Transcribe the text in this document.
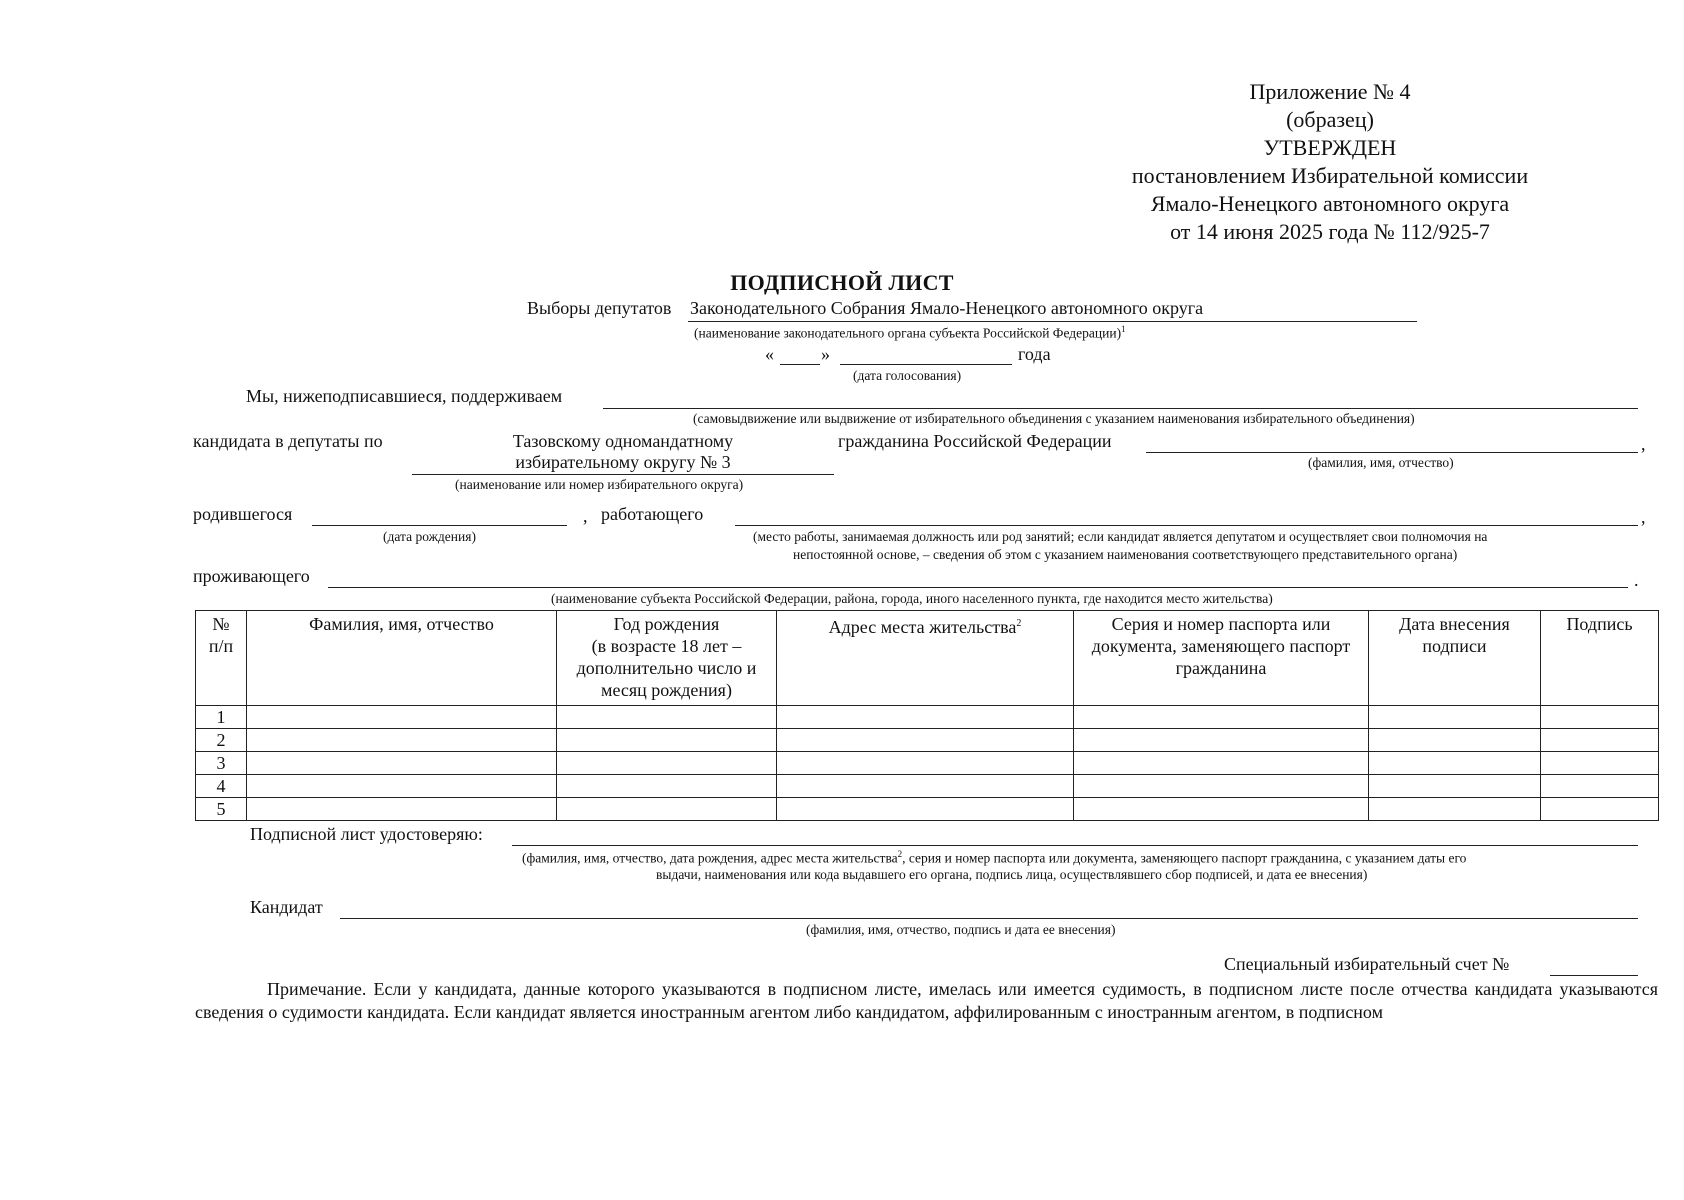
Приложение № 4
(образец)
УТВЕРЖДЕН
постановлением Избирательной комиссии
Ямало-Ненецкого автономного округа
от 14 июня 2025 года № 112/925-7
ПОДПИСНОЙ ЛИСТ
Выборы депутатов Законодательного Собрания Ямало-Ненецкого автономного округа
(наименование законодательного органа субъекта Российской Федерации)$^1$
«	»	года
(дата голосования)
Мы, нижеподписавшиеся, поддерживаем
(самовыдвижение или выдвижение от избирательного объединения с указанием наименования избирательного объединения)
кандидата в депутаты по	Тазовскому одномандатному
избирательному округу № 3
(наименование или номер избирательного округа)
гражданина Российской Федерации	,
(фамилия, имя, отчество)
родившегося	,
(дата рождения)
работающего	,
(место работы, занимаемая должность или род занятий; если кандидат является депутатом и осуществляет свои полномочия на
непостоянной основе, – сведения об этом с указанием наименования соответствующего представительного органа)
проживающего	.
(наименование субъекта Российской Федерации, района, города, иного населенного пункта, где находится место жительства)
№
п/п	Фамилия, имя, отчество	Год рождения
(в возрасте 18 лет –
дополнительно число и
месяц рождения)	Адрес места жительства$^2$	Серия и номер паспорта или
документа, заменяющего паспорт
гражданина	Дата внесения
подписи	Подпись
1						
2						
3						
4						
5						
Подписной лист удостоверяю:
(фамилия, имя, отчество, дата рождения, адрес места жительства$^2$, серия и номер паспорта или документа, заменяющего паспорт гражданина, с указанием даты его
выдачи, наименования или кода выдавшего его органа, подпись лица, осуществлявшего сбор подписей, и дата ее внесения)
Кандидат
(фамилия, имя, отчество, подпись и дата ее внесения)
Специальный избирательный счет №
Примечание. Если у кандидата, данные которого указываются в подписном листе, имелась или имеется судимость, в подписном листе после отчества кандидата указываются сведения о судимости кандидата. Если кандидат является иностранным агентом либо кандидатом, аффилированным с иностранным агентом, в подписном
